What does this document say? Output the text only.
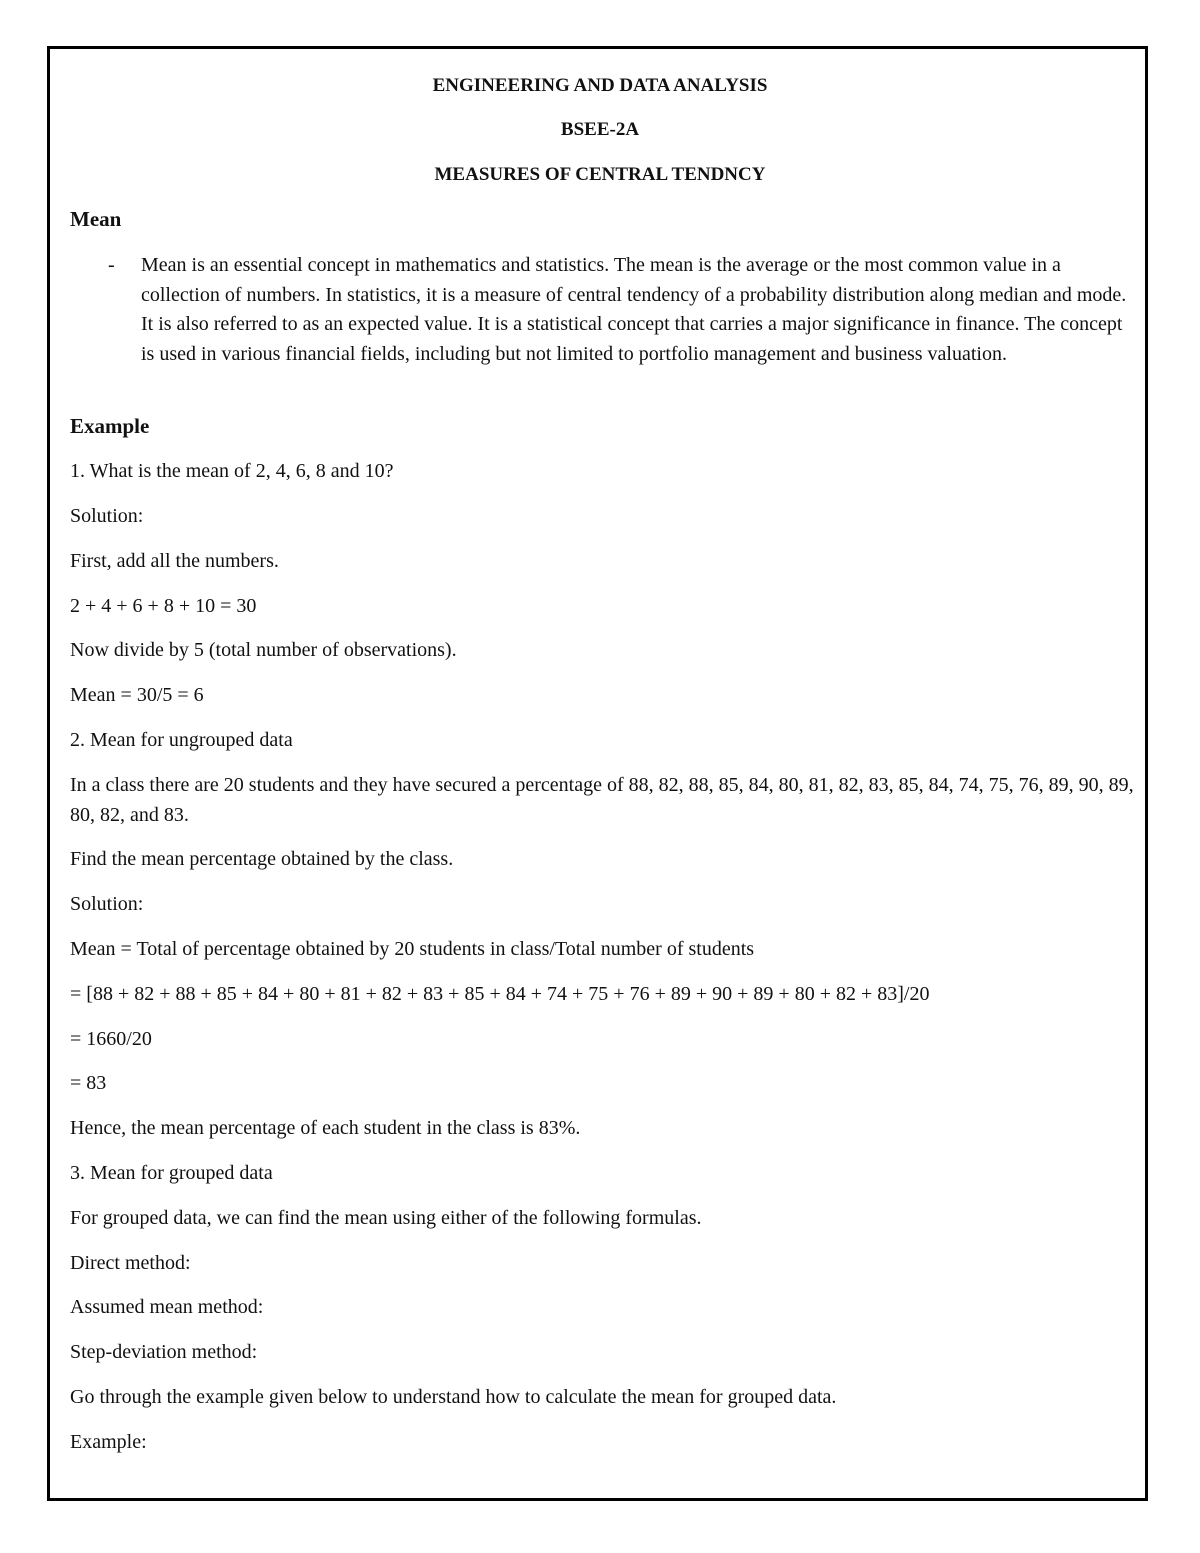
ENGINEERING AND DATA ANALYSIS
BSEE-2A
MEASURES OF CENTRAL TENDNCY
Mean
- Mean is an essential concept in mathematics and statistics. The mean is the average or the most common value in a collection of numbers. In statistics, it is a measure of central tendency of a probability distribution along median and mode. It is also referred to as an expected value. It is a statistical concept that carries a major significance in finance. The concept is used in various financial fields, including but not limited to portfolio management and business valuation.
Example
1. What is the mean of 2, 4, 6, 8 and 10?
Solution:
First, add all the numbers.
2 + 4 + 6 + 8 + 10 = 30
Now divide by 5 (total number of observations).
Mean = 30/5 = 6
2. Mean for ungrouped data
In a class there are 20 students and they have secured a percentage of 88, 82, 88, 85, 84, 80, 81, 82, 83, 85, 84, 74, 75, 76, 89, 90, 89, 80, 82, and 83.
Find the mean percentage obtained by the class.
Solution:
Mean = Total of percentage obtained by 20 students in class/Total number of students
= [88 + 82 + 88 + 85 + 84 + 80 + 81 + 82 + 83 + 85 + 84 + 74 + 75 + 76 + 89 + 90 + 89 + 80 + 82 + 83]/20
= 1660/20
= 83
Hence, the mean percentage of each student in the class is 83%.
3. Mean for grouped data
For grouped data, we can find the mean using either of the following formulas.
Direct method:
Assumed mean method:
Step-deviation method:
Go through the example given below to understand how to calculate the mean for grouped data.
Example:
